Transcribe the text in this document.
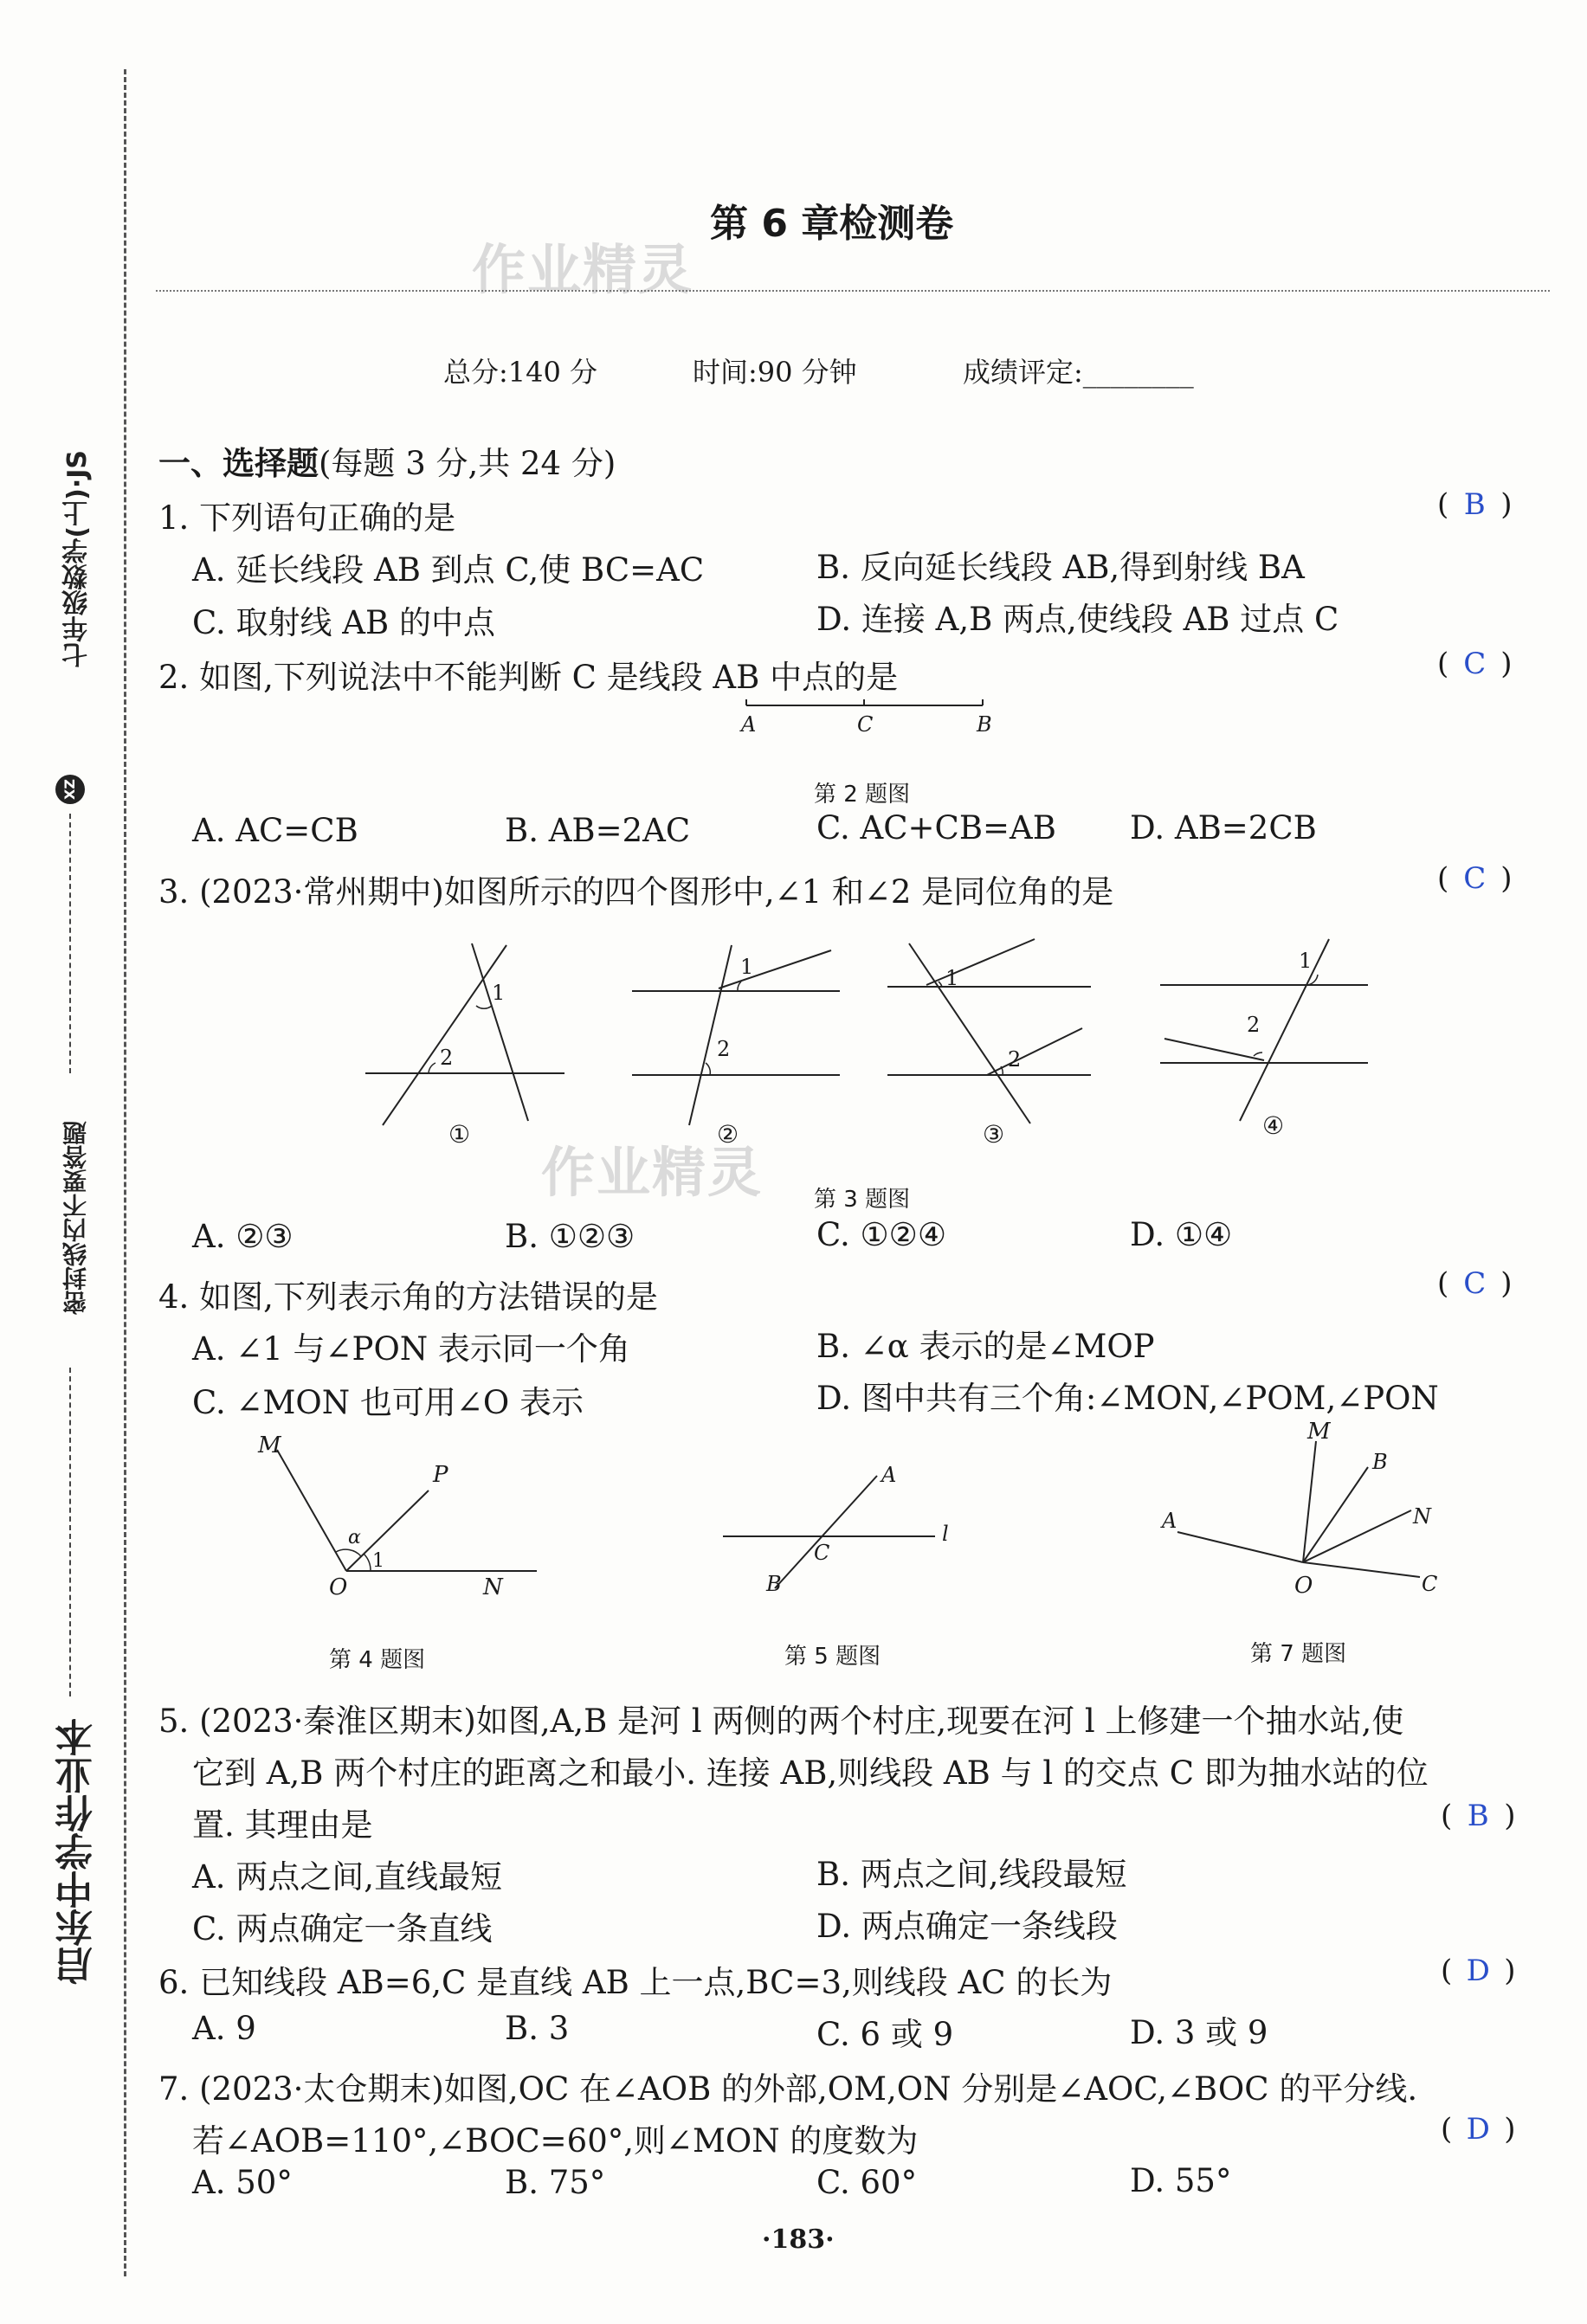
作业精灵
作业精灵
启东中学作业本
七年级数学(上)·JS
XZ
密封线内不要答题
第 6 章检测卷
总分:140 分	时间:90 分钟	成绩评定:________
一、选择题(每题 3 分,共 24 分)
1. 下列语句正确的是	( B )
A. 延长线段 AB 到点 C,使 BC=AC	B. 反向延长线段 AB,得到射线 BA
C. 取射线 AB 的中点	D. 连接 A,B 两点,使线段 AB 过点 C
2. 如图,下列说法中不能判断 C 是线段 AB 中点的是	( C )
A	C	B
第 2 题图
A. AC=CB	B. AB=2AC	C. AC+CB=AB D. AB=2CB
3. (2023·常州期中)如图所示的四个图形中,∠1 和∠2 是同位角的是	( C )
1
2
①
1
2
②
1
2
③
1
2
④
第 3 题图
A. ②③	B. ①②③	C. ①②④	D. ①④
4. 如图,下列表示角的方法错误的是	( C )
A. ∠1 与∠PON 表示同一个角	B. ∠α 表示的是∠MOP
C. ∠MON 也可用∠O 表示	D. 图中共有三个角:∠MON,∠POM,∠PON
M
P
α
1
O	N
第 4 题图
A
l
C
B
第 5 题图
M
B
N
A
O	C
第 7 题图
5. (2023·秦淮区期末)如图,A,B 是河 l 两侧的两个村庄,现要在河 l 上修建一个抽水站,使
它到 A,B 两个村庄的距离之和最小. 连接 AB,则线段 AB 与 l 的交点 C 即为抽水站的位
置. 其理由是	( B )
A. 两点之间,直线最短	B. 两点之间,线段最短
C. 两点确定一条直线	D. 两点确定一条线段
6. 已知线段 AB=6,C 是直线 AB 上一点,BC=3,则线段 AC 的长为	( D )
A. 9	B. 3	C. 6 或 9	D. 3 或 9
7. (2023·太仓期末)如图,OC 在∠AOB 的外部,OM,ON 分别是∠AOC,∠BOC 的平分线.
若∠AOB=110°,∠BOC=60°,则∠MON 的度数为	( D )
A. 50°	B. 75°	C. 60°	D. 55°
·183·
